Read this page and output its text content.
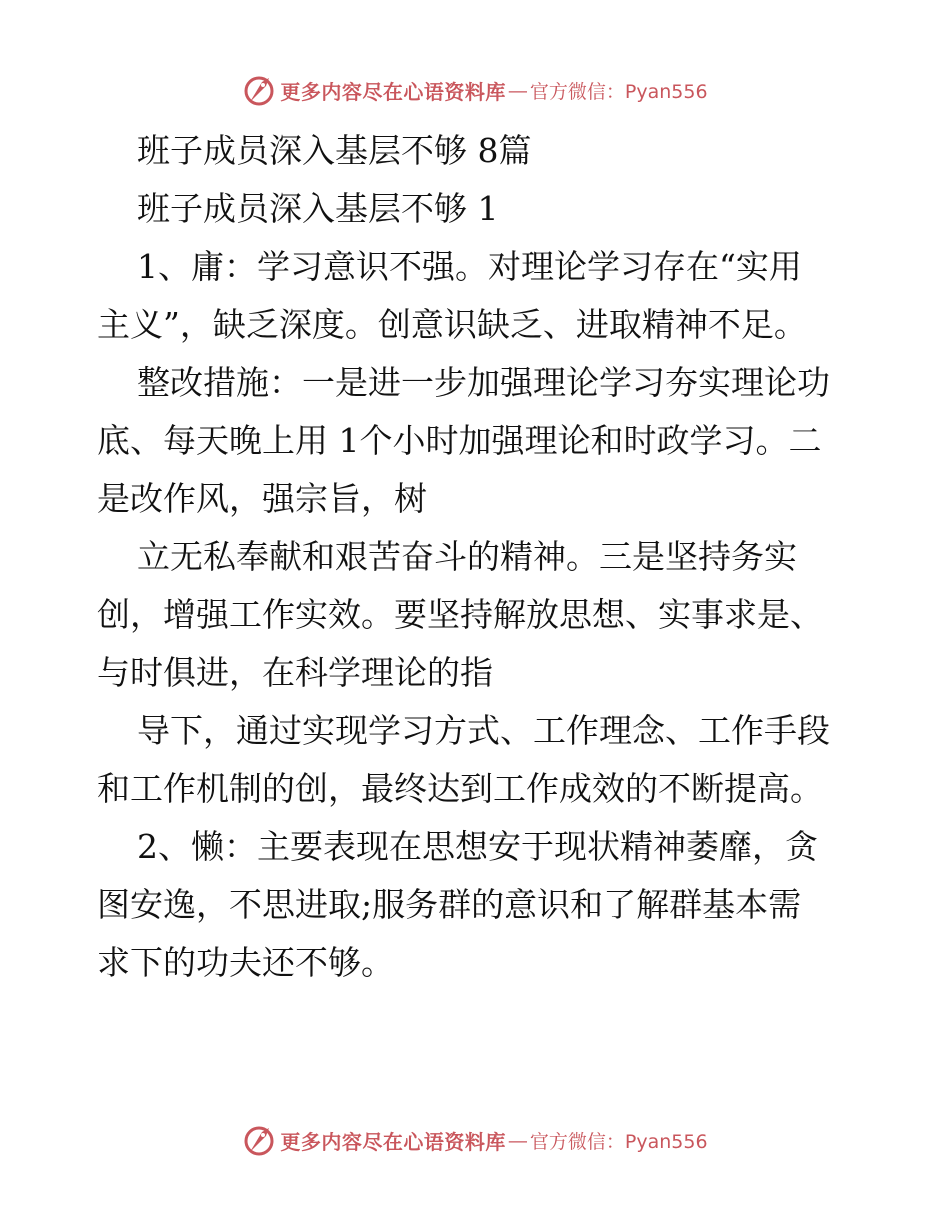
更多内容尽在心语资料库 — 官方微信：Pyan556
班子成员深入基层不够 8篇
班子成员深入基层不够 1
1、庸：学习意识不强。对理论学习存在“实用
主义”，缺乏深度。创意识缺乏、进取精神不足。
整改措施：一是进一步加强理论学习夯实理论功
底、每天晚上用 1个小时加强理论和时政学习。二
是改作风，强宗旨，树
立无私奉献和艰苦奋斗的精神。三是坚持务实
创，增强工作实效。要坚持解放思想、实事求是、
与时俱进，在科学理论的指
导下，通过实现学习方式、工作理念、工作手段
和工作机制的创，最终达到工作成效的不断提高。
2、懒：主要表现在思想安于现状精神萎靡，贪
图安逸，不思进取;服务群的意识和了解群基本需
求下的功夫还不够。
更多内容尽在心语资料库 — 官方微信：Pyan556
